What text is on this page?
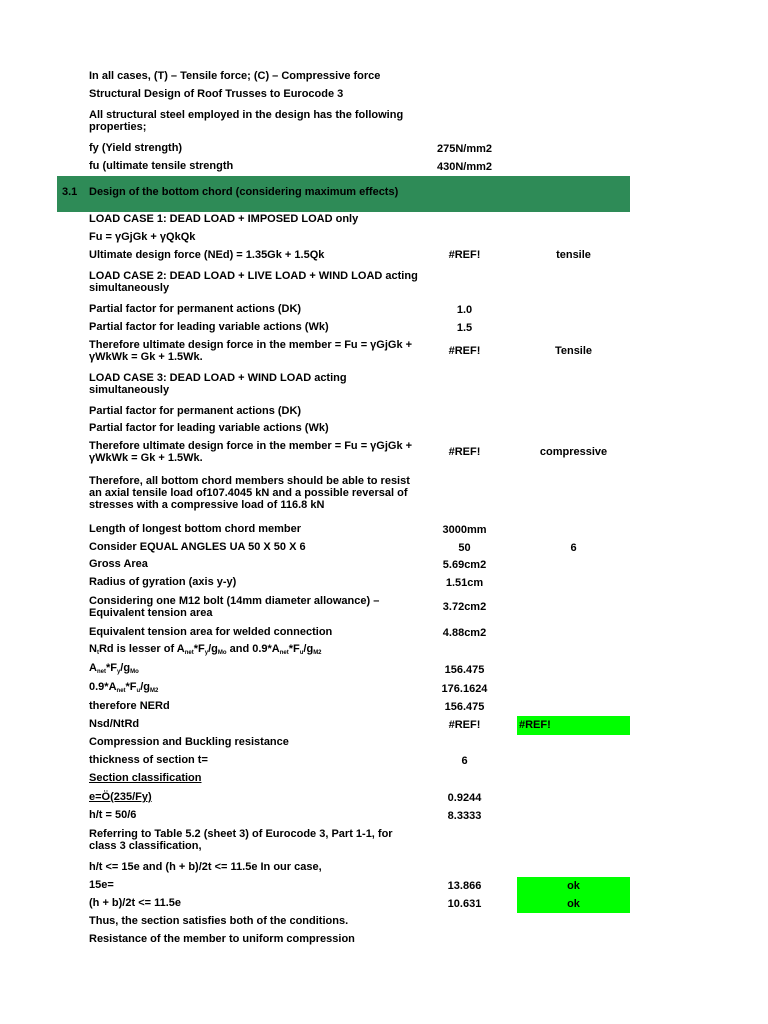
In all cases, (T) – Tensile force; (C) – Compressive force
Structural Design of Roof Trusses to Eurocode 3
All structural steel employed in the design has the following properties;
fy (Yield strength)	275N/mm2
fu (ultimate tensile strength	430N/mm2
3.1 Design of the bottom chord (considering maximum effects)
LOAD CASE 1: DEAD LOAD + IMPOSED LOAD only
Fu = γGjGk + γQkQk
Ultimate design force (NEd) = 1.35Gk + 1.5Qk	#REF!	tensile
LOAD CASE 2: DEAD LOAD + LIVE LOAD + WIND LOAD acting simultaneously
Partial factor for permanent actions (DK)	1.0
Partial factor for leading variable actions (Wk)	1.5
Therefore ultimate design force in the member = Fu = γGjGk + γWkWk = Gk + 1.5Wk.	#REF!	Tensile
LOAD CASE 3: DEAD LOAD + WIND LOAD acting simultaneously
Partial factor for permanent actions (DK)
Partial factor for leading variable actions (Wk)
Therefore ultimate design force in the member = Fu = γGjGk + γWkWk = Gk + 1.5Wk.	#REF!	compressive
Therefore, all bottom chord members should be able to resist an axial tensile load of107.4045 kN and a possible reversal of stresses with a compressive load of 116.8 kN
Length of longest bottom chord member	3000mm
Consider EQUAL ANGLES UA 50 X 50 X 6	50	6
Gross Area	5.69cm2
Radius of gyration (axis y-y)	1.51cm
Considering one M12 bolt (14mm diameter allowance) – Equivalent tension area	3.72cm2
Equivalent tension area for welded connection	4.88cm2
$N_tRd$ is lesser of $A_{net}*F_y/g_{Mo}$ and $0.9*A_{net}*F_u/g_{M2}$
$A_{net}*F_y/g_{Mo}$	156.475
$0.9*A_{net}*F_u/g_{M2}$	176.1624
therefore NERd	156.475
Nsd/NtRd	#REF!	#REF!
Compression and Buckling resistance
thickness of section t=	6
Section classification
e=Ö(235/Fy)	0.9244
h/t = 50/6	8.3333
Referring to Table 5.2 (sheet 3) of Eurocode 3, Part 1-1, for class 3 classification,
h/t <= 15e and (h + b)/2t <= 11.5e In our case,
15e=	13.866	ok
(h + b)/2t <= 11.5e	10.631	ok
Thus, the section satisfies both of the conditions.
Resistance of the member to uniform compression
